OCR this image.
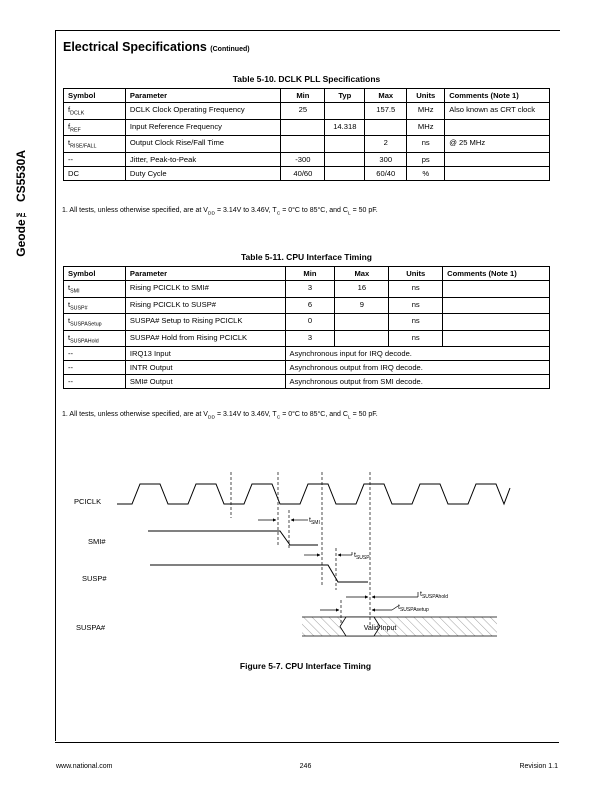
Geode™ CS5530A
Electrical Specifications (Continued)
Table 5-10. DCLK PLL Specifications
Symbol	Parameter	Min	Typ	Max	Units	Comments (Note 1)
$f_{DCLK}$	DCLK Clock Operating Frequency	25		157.5	MHz	Also known as CRT clock
$f_{REF}$	Input Reference Frequency		14.318		MHz	
$t_{RISE/FALL}$	Output Clock Rise/Fall Time			2	ns	@ 25 MHz
--	Jitter, Peak-to-Peak	-300		300	ps	
DC	Duty Cycle	40/60		60/40	%	
1. All tests, unless otherwise specified, are at $V_{DD} = 3.14V$ to 3.46V, $T_C = 0^\circ C$ to 85°C, and $C_L = 50$ pF.
Table 5-11. CPU Interface Timing
Symbol	Parameter	Min	Max	Units	Comments (Note 1)
$t_{SMI}$	Rising PCICLK to SMI#	3	16	ns	
$t_{SUSP\#}$	Rising PCICLK to SUSP#	6	9	ns	
$t_{SUSPASetup}$	SUSPA# Setup to Rising PCICLK	0		ns	
$t_{SUSPAHold}$	SUSPA# Hold from Rising PCICLK	3		ns	
--	IRQ13 Input	Asynchronous input for IRQ decode.			
--	INTR Output	Asynchronous output from IRQ decode.			
--	SMI# Output	Asynchronous output from SMI decode.			
1. All tests, unless otherwise specified, are at $V_{DD} = 3.14V$ to 3.46V, $T_C = 0^\circ C$ to 85°C, and $C_L = 50$ pF.
PCICLK
SMI#
SUSP#
SUSPA#	Valid Input
$t_{SMI}$
$t_{SUSP}$
$t_{SUSPAhold}$
$t_{SUSPAsetup}$
Figure 5-7. CPU Interface Timing
www.national.com	246	Revision 1.1
